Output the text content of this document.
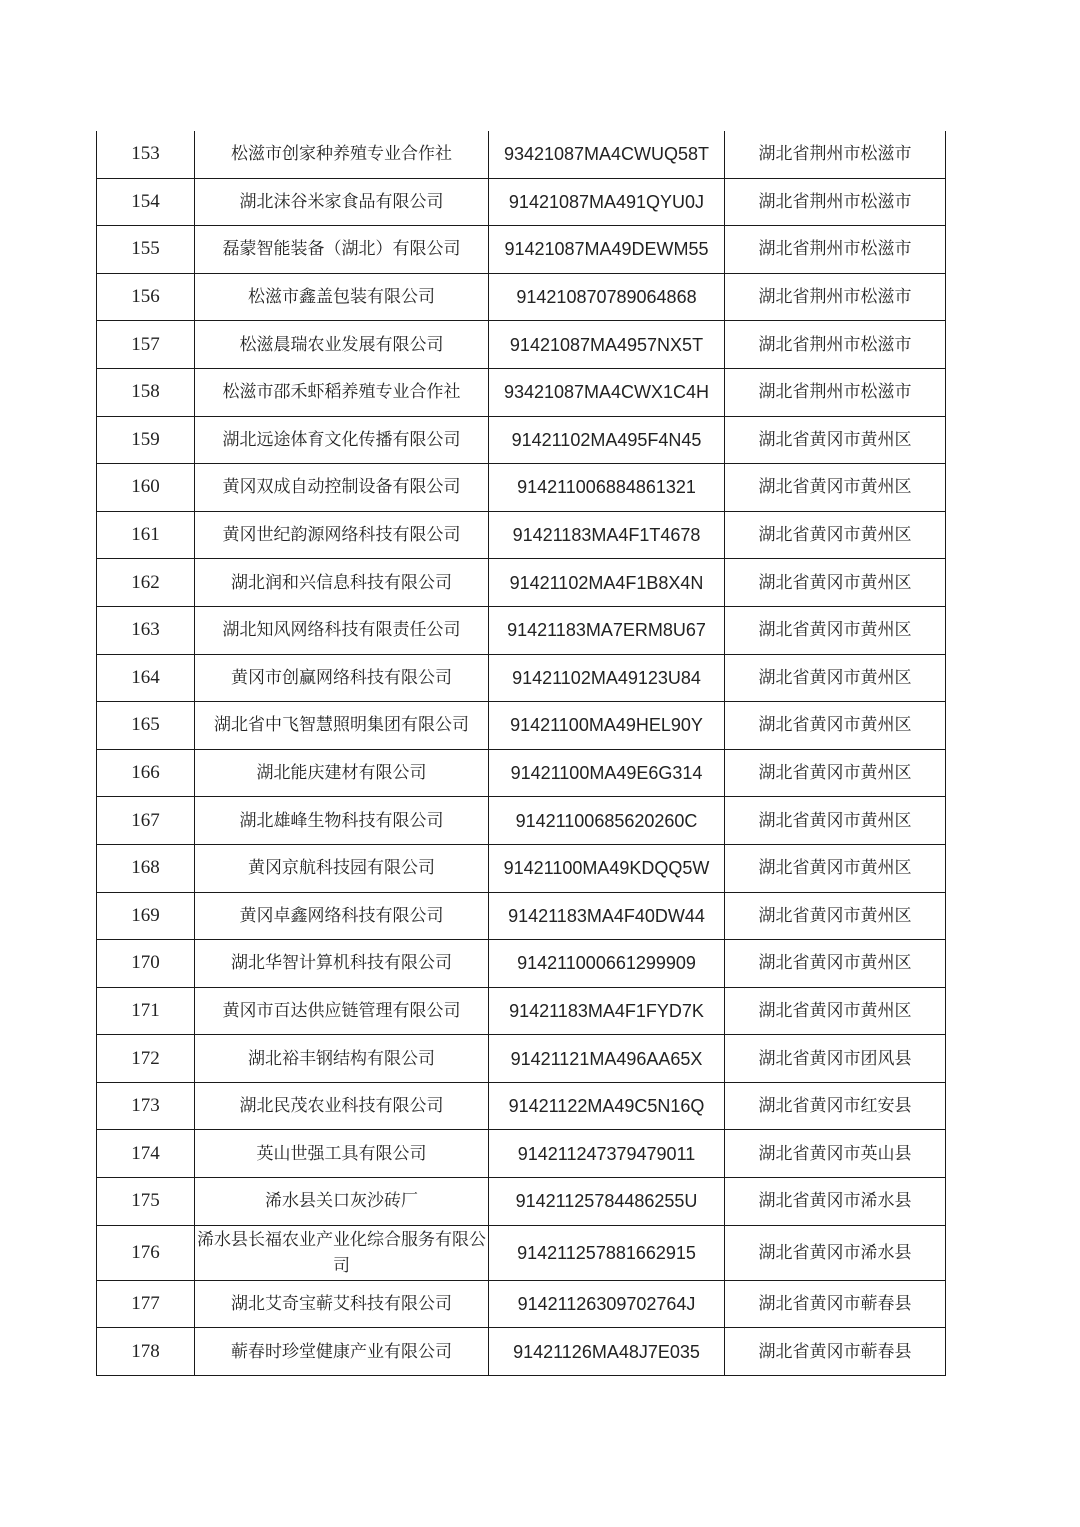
153	松滋市创家种养殖专业合作社	93421087MA4CWUQ58T	湖北省荆州市松滋市
154	湖北沫谷米家食品有限公司	91421087MA491QYU0J	湖北省荆州市松滋市
155	磊蒙智能装备（湖北）有限公司	91421087MA49DEWM55	湖北省荆州市松滋市
156	松滋市鑫盖包装有限公司	914210870789064868	湖北省荆州市松滋市
157	松滋晨瑞农业发展有限公司	91421087MA4957NX5T	湖北省荆州市松滋市
158	松滋市邵禾虾稻养殖专业合作社	93421087MA4CWX1C4H	湖北省荆州市松滋市
159	湖北远途体育文化传播有限公司	91421102MA495F4N45	湖北省黄冈市黄州区
160	黄冈双成自动控制设备有限公司	914211006884861321	湖北省黄冈市黄州区
161	黄冈世纪韵源网络科技有限公司	91421183MA4F1T4678	湖北省黄冈市黄州区
162	湖北润和兴信息科技有限公司	91421102MA4F1B8X4N	湖北省黄冈市黄州区
163	湖北知风网络科技有限责任公司	91421183MA7ERM8U67	湖北省黄冈市黄州区
164	黄冈市创赢网络科技有限公司	91421102MA49123U84	湖北省黄冈市黄州区
165	湖北省中飞智慧照明集团有限公司	91421100MA49HEL90Y	湖北省黄冈市黄州区
166	湖北能庆建材有限公司	91421100MA49E6G314	湖北省黄冈市黄州区
167	湖北雄峰生物科技有限公司	91421100685620260C	湖北省黄冈市黄州区
168	黄冈京航科技园有限公司	91421100MA49KDQQ5W	湖北省黄冈市黄州区
169	黄冈卓鑫网络科技有限公司	91421183MA4F40DW44	湖北省黄冈市黄州区
170	湖北华智计算机科技有限公司	914211000661299909	湖北省黄冈市黄州区
171	黄冈市百达供应链管理有限公司	91421183MA4F1FYD7K	湖北省黄冈市黄州区
172	湖北裕丰钢结构有限公司	91421121MA496AA65X	湖北省黄冈市团风县
173	湖北民茂农业科技有限公司	91421122MA49C5N16Q	湖北省黄冈市红安县
174	英山世强工具有限公司	914211247379479011	湖北省黄冈市英山县
175	浠水县关口灰沙砖厂	91421125784486255U	湖北省黄冈市浠水县
176	浠水县长福农业产业化综合服务有限公司	914211257881662915	湖北省黄冈市浠水县
177	湖北艾奇宝蕲艾科技有限公司	91421126309702764J	湖北省黄冈市蕲春县
178	蕲春时珍堂健康产业有限公司	91421126MA48J7E035	湖北省黄冈市蕲春县
